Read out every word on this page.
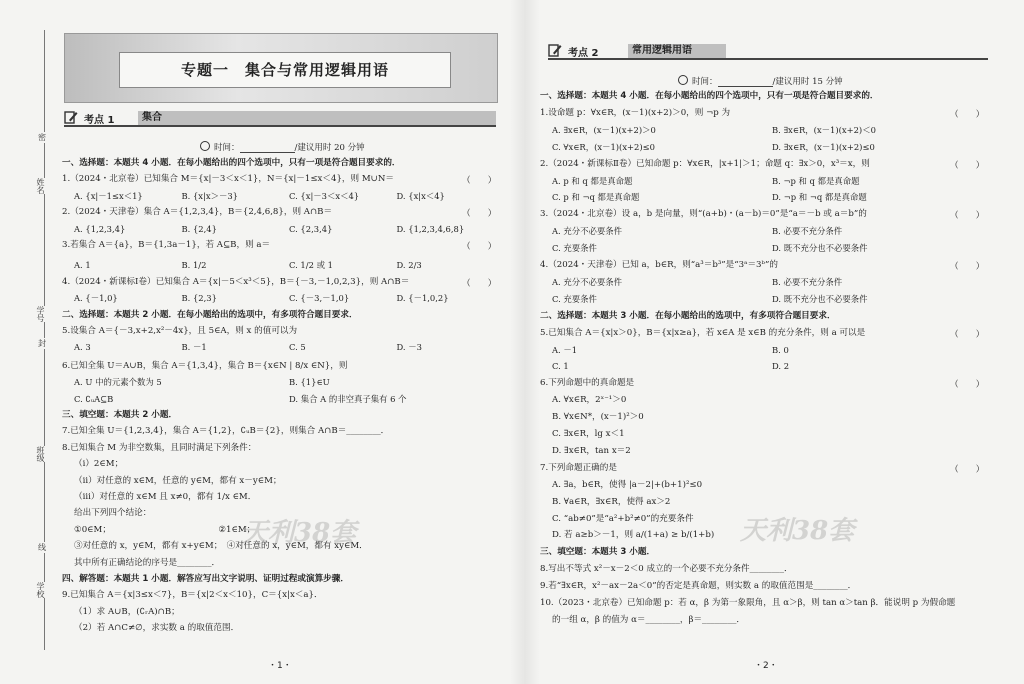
密
姓名
学号
封
班级
线
学校
专题一　集合与常用逻辑用语
考点 1	集合
时间：	/建议用时 20 分钟
一、选择题：本题共 4 小题．在每小题给出的四个选项中，只有一项是符合题目要求的．
1.（2024・北京卷）已知集合 M＝{x|－3＜x＜1}，N＝{x|－1≤x＜4}，则 M∪N＝	（　　）
A. {x|－1≤x＜1}	B. {x|x＞－3}	C. {x|－3＜x＜4}	D. {x|x＜4}
2.（2024・天津卷）集合 A＝{1,2,3,4}，B＝{2,4,6,8}，则 A∩B＝	（　　）
A. {1,2,3,4}	B. {2,4}	C. {2,3,4}	D. {1,2,3,4,6,8}
3.若集合 A＝{a}，B＝{1,3a－1}，若 A⊆B，则 a＝	（　　）
A. 1	B. 1/2	C. 1/2 或 1	D. 2/3
4.（2024・新课标Ⅰ卷）已知集合 A＝{x|－5＜x³＜5}，B＝{－3,－1,0,2,3}，则 A∩B＝	（　　）
A. {－1,0}	B. {2,3}	C. {－3,－1,0}	D. {－1,0,2}
二、选择题：本题共 2 小题．在每小题给出的选项中，有多项符合题目要求．
5.设集合 A＝{－3,x+2,x²－4x}，且 5∈A，则 x 的值可以为
A. 3	B. －1	C. 5	D. －3
6.已知全集 U＝A∪B，集合 A＝{1,3,4}，集合 B＝{x∈N | 8/x ∈N}，则
A. U 中的元素个数为 5	B. {1}∈U
C. ∁ᵤA⊆B	D. 集合 A 的非空真子集有 6 个
三、填空题：本题共 2 小题．
7.已知全集 U＝{1,2,3,4}，集合 A＝{1,2}，∁ᵤB＝{2}，则集合 A∩B＝________．
8.已知集合 M 为非空数集，且同时满足下列条件：
（ⅰ）2∈M；
（ⅱ）对任意的 x∈M，任意的 y∈M，都有 x－y∈M；
（ⅲ）对任意的 x∈M 且 x≠0，都有 1/x ∈M．
给出下列四个结论：
①0∈M；　　　　　　　　　　　　　②1∈M；
③对任意的 x，y∈M，都有 x+y∈M；　④对任意的 x，y∈M，都有 xy∈M．
其中所有正确结论的序号是________．
四、解答题：本题共 1 小题．解答应写出文字说明、证明过程或演算步骤．
9.已知集合 A＝{x|3≤x＜7}，B＝{x|2＜x＜10}，C＝{x|x＜a}．
（1）求 A∪B，(∁ᵣA)∩B；
（2）若 A∩C≠∅，求实数 a 的取值范围．
天利38套
・1・
考点 2	常用逻辑用语
时间：	/建议用时 15 分钟
一、选择题：本题共 4 小题．在每小题给出的四个选项中，只有一项是符合题目要求的．
1.设命题 p：∀x∈R，(x－1)(x+2)＞0，则 ¬p 为	（　　）
A. ∃x∈R，(x－1)(x+2)＞0	B. ∃x∈R，(x－1)(x+2)＜0
C. ∀x∈R，(x－1)(x+2)≤0	D. ∃x∈R，(x－1)(x+2)≤0
2.（2024・新课标Ⅱ卷）已知命题 p：∀x∈R，|x+1|＞1；命题 q：∃x＞0，x³＝x，则	（　　）
A. p 和 q 都是真命题	B. ¬p 和 q 都是真命题
C. p 和 ¬q 都是真命题	D. ¬p 和 ¬q 都是真命题
3.（2024・北京卷）设 a，b 是向量，则“(a+b)・(a－b)＝0”是“a＝－b 或 a＝b”的	（　　）
A. 充分不必要条件	B. 必要不充分条件
C. 充要条件	D. 既不充分也不必要条件
4.（2024・天津卷）已知 a，b∈R，则“a³＝b³”是“3ᵃ＝3ᵇ”的	（　　）
A. 充分不必要条件	B. 必要不充分条件
C. 充要条件	D. 既不充分也不必要条件
二、选择题：本题共 3 小题．在每小题给出的选项中，有多项符合题目要求．
5.已知集合 A＝{x|x＞0}，B＝{x|x≥a}，若 x∈A 是 x∈B 的充分条件，则 a 可以是	（　　）
A. －1	B. 0
C. 1	D. 2
6.下列命题中的真命题是	（　　）
A. ∀x∈R，2ˣ⁻¹＞0
B. ∀x∈N*，(x－1)²＞0
C. ∃x∈R，lg x＜1
D. ∃x∈R，tan x＝2
7.下列命题正确的是	（　　）
A. ∃a，b∈R，使得 |a－2|+(b+1)²≤0
B. ∀a∈R，∃x∈R，使得 ax＞2
C. “ab≠0”是“a²+b²≠0”的充要条件
D. 若 a≥b＞－1，则 a/(1+a) ≥ b/(1+b)
三、填空题：本题共 3 小题．
8.写出不等式 x²－x－2＜0 成立的一个必要不充分条件________．
9.若“∃x∈R，x²－ax－2a＜0”的否定是真命题，则实数 a 的取值范围是________．
10.（2023・北京卷）已知命题 p：若 α，β 为第一象限角，且 α＞β，则 tan α＞tan β．能说明 p 为假命题
的一组 α，β 的值为 α＝________，β＝________．
天利38套
・2・
